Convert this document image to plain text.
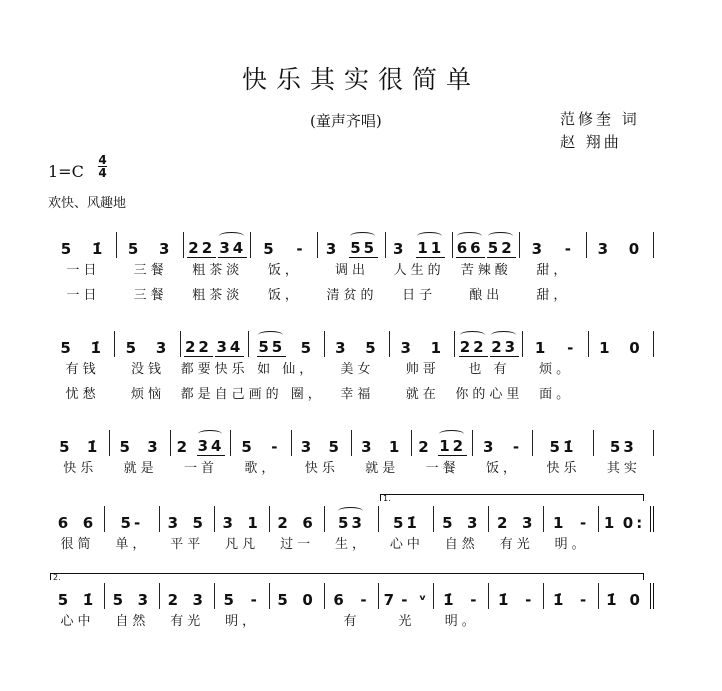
快乐其实很简单
(童声齐唱)	范修奎 词
赵 翔曲
1=C
4
4
欢快、风趣地
1.
2.
5 1̇
一日
一日
5 3
三餐
三餐
22 34
粗茶淡
粗茶淡
5 -
饭，
饭，
3 55
调出
清贫的
3 11
人生的
日子
66 52
苦辣酸
酿出
3 -
甜，
甜，
3 0
5 1̇
有钱
忧愁
5 3
没钱
烦恼
22 34
都要快乐
都是自己
55 5
如 仙，
画的 圈，
3 5
美女
幸福
3 1
帅哥
就在
22 23
也 有
你的心里
1 -
烦。
面。
1 0
5 1̇
快乐
5 3
就是
2 34
一首
5 -
歌，
3 5
快乐
3 1
就是
2 12
一餐
3 -
饭，
51̇
快乐
53
其实
6 6
很简
5-
单，
3 5
平平
3 1
凡凡
2 6
过一
53
生，
51̇
心中
5 3
自然
2 3
有光
1 -
明。
1 0:
5 1̇
心中
5 3
自然
2 3
有光
5 -
明，
5 0 6 -
有
7 - ᵛ
光
1̇ -
明。
1̇ - 1̇ - 1̇ 0
